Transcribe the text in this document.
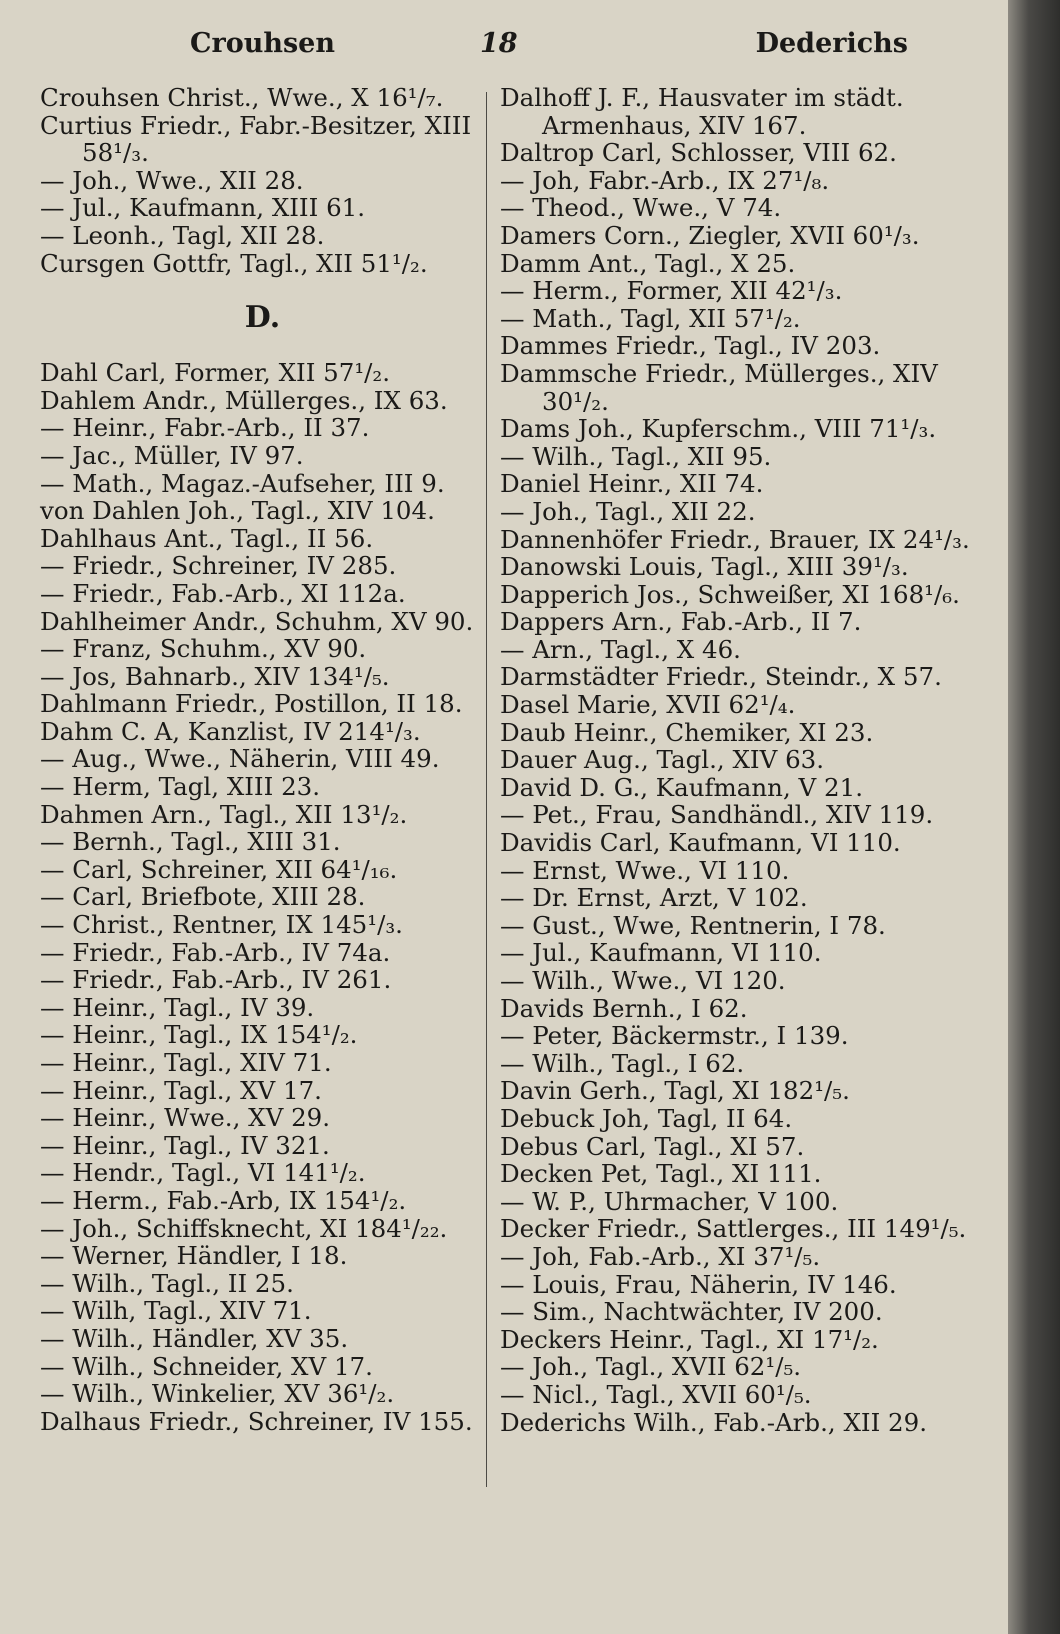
Crouhsen	18	Dederichs
Crouhsen Christ., Wwe., X 16¹/₇.
Curtius Friedr., Fabr.-Besitzer, XIII
58¹/₃.
— Joh., Wwe., XII 28.
— Jul., Kaufmann, XIII 61.
— Leonh., Tagl, XII 28.
Cursgen Gottfr, Tagl., XII 51¹/₂.
D.
Dahl Carl, Former, XII 57¹/₂.
Dahlem Andr., Müllerges., IX 63.
— Heinr., Fabr.-Arb., II 37.
— Jac., Müller, IV 97.
— Math., Magaz.-Aufseher, III 9.
von Dahlen Joh., Tagl., XIV 104.
Dahlhaus Ant., Tagl., II 56.
— Friedr., Schreiner, IV 285.
— Friedr., Fab.-Arb., XI 112a.
Dahlheimer Andr., Schuhm, XV 90.
— Franz, Schuhm., XV 90.
— Jos, Bahnarb., XIV 134¹/₅.
Dahlmann Friedr., Postillon, II 18.
Dahm C. A, Kanzlist, IV 214¹/₃.
— Aug., Wwe., Näherin, VIII 49.
— Herm, Tagl, XIII 23.
Dahmen Arn., Tagl., XII 13¹/₂.
— Bernh., Tagl., XIII 31.
— Carl, Schreiner, XII 64¹/₁₆.
— Carl, Briefbote, XIII 28.
— Christ., Rentner, IX 145¹/₃.
— Friedr., Fab.-Arb., IV 74a.
— Friedr., Fab.-Arb., IV 261.
— Heinr., Tagl., IV 39.
— Heinr., Tagl., IX 154¹/₂.
— Heinr., Tagl., XIV 71.
— Heinr., Tagl., XV 17.
— Heinr., Wwe., XV 29.
— Heinr., Tagl., IV 321.
— Hendr., Tagl., VI 141¹/₂.
— Herm., Fab.-Arb, IX 154¹/₂.
— Joh., Schiffsknecht, XI 184¹/₂₂.
— Werner, Händler, I 18.
— Wilh., Tagl., II 25.
— Wilh, Tagl., XIV 71.
— Wilh., Händler, XV 35.
— Wilh., Schneider, XV 17.
— Wilh., Winkelier, XV 36¹/₂.
Dalhaus Friedr., Schreiner, IV 155.
Dalhoff J. F., Hausvater im städt.
Armenhaus, XIV 167.
Daltrop Carl, Schlosser, VIII 62.
— Joh, Fabr.-Arb., IX 27¹/₈.
— Theod., Wwe., V 74.
Damers Corn., Ziegler, XVII 60¹/₃.
Damm Ant., Tagl., X 25.
— Herm., Former, XII 42¹/₃.
— Math., Tagl, XII 57¹/₂.
Dammes Friedr., Tagl., IV 203.
Dammsche Friedr., Müllerges., XIV
30¹/₂.
Dams Joh., Kupferschm., VIII 71¹/₃.
— Wilh., Tagl., XII 95.
Daniel Heinr., XII 74.
— Joh., Tagl., XII 22.
Dannenhöfer Friedr., Brauer, IX 24¹/₃.
Danowski Louis, Tagl., XIII 39¹/₃.
Dapperich Jos., Schweißer, XI 168¹/₆.
Dappers Arn., Fab.-Arb., II 7.
— Arn., Tagl., X 46.
Darmstädter Friedr., Steindr., X 57.
Dasel Marie, XVII 62¹/₄.
Daub Heinr., Chemiker, XI 23.
Dauer Aug., Tagl., XIV 63.
David D. G., Kaufmann, V 21.
— Pet., Frau, Sandhändl., XIV 119.
Davidis Carl, Kaufmann, VI 110.
— Ernst, Wwe., VI 110.
— Dr. Ernst, Arzt, V 102.
— Gust., Wwe, Rentnerin, I 78.
— Jul., Kaufmann, VI 110.
— Wilh., Wwe., VI 120.
Davids Bernh., I 62.
— Peter, Bäckermstr., I 139.
— Wilh., Tagl., I 62.
Davin Gerh., Tagl, XI 182¹/₅.
Debuck Joh, Tagl, II 64.
Debus Carl, Tagl., XI 57.
Decken Pet, Tagl., XI 111.
— W. P., Uhrmacher, V 100.
Decker Friedr., Sattlerges., III 149¹/₅.
— Joh, Fab.-Arb., XI 37¹/₅.
— Louis, Frau, Näherin, IV 146.
— Sim., Nachtwächter, IV 200.
Deckers Heinr., Tagl., XI 17¹/₂.
— Joh., Tagl., XVII 62¹/₅.
— Nicl., Tagl., XVII 60¹/₅.
Dederichs Wilh., Fab.-Arb., XII 29.
